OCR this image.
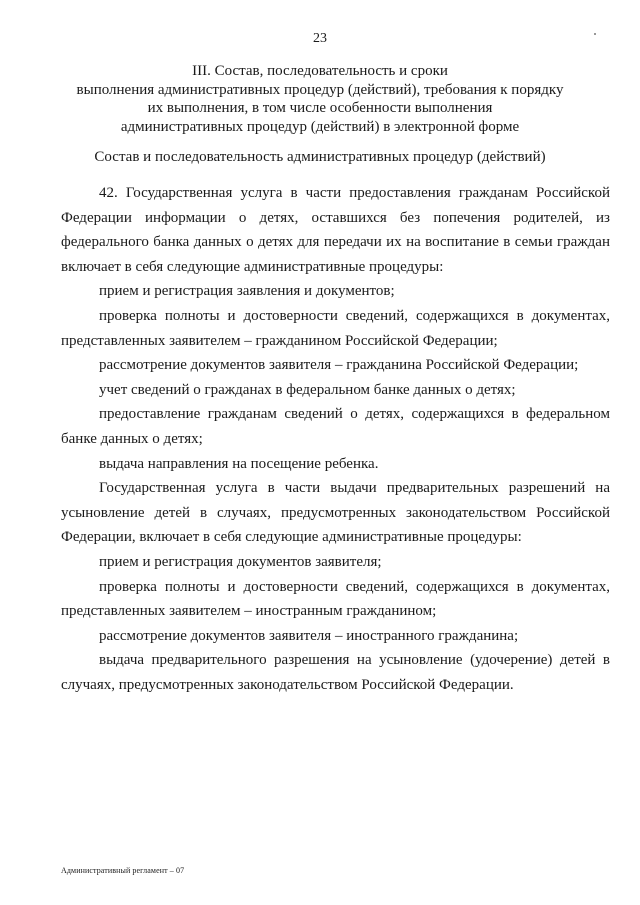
23
III. Состав, последовательность и сроки
выполнения административных процедур (действий), требования к порядку
их выполнения, в том числе особенности выполнения
административных процедур (действий) в электронной форме
Состав и последовательность административных процедур (действий)

42. Государственная услуга в части предоставления гражданам Российской Федерации информации о детях, оставшихся без попечения родителей, из федерального банка данных о детях для передачи их на воспитание в семьи граждан включает в себя следующие административные процедуры:

прием и регистрация заявления и документов;

проверка полноты и достоверности сведений, содержащихся в документах, представленных заявителем – гражданином Российской Федерации;

рассмотрение документов заявителя – гражданина Российской Федерации;

учет сведений о гражданах в федеральном банке данных о детях;

предоставление гражданам сведений о детях, содержащихся в федеральном банке данных о детях;

выдача направления на посещение ребенка.

Государственная услуга в части выдачи предварительных разрешений на усыновление детей в случаях, предусмотренных законодательством Российской Федерации, включает в себя следующие административные процедуры:

прием и регистрация документов заявителя;

проверка полноты и достоверности сведений, содержащихся в документах, представленных заявителем – иностранным гражданином;

рассмотрение документов заявителя – иностранного гражданина;

выдача предварительного разрешения на усыновление (удочерение) детей в случаях, предусмотренных законодательством Российской Федерации.

Административный регламент – 07
